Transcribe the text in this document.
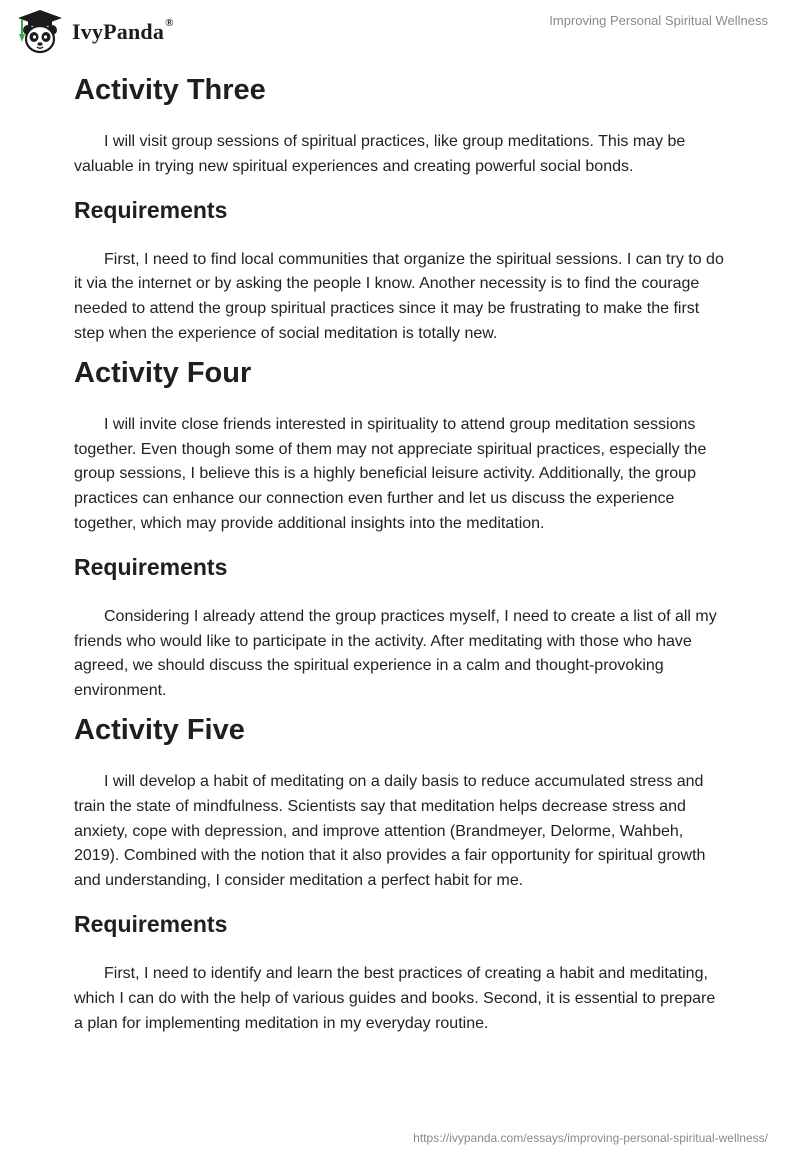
IvyPanda®	Improving Personal Spiritual Wellness
Activity Three

I will visit group sessions of spiritual practices, like group meditations. This may be valuable in trying new spiritual experiences and creating powerful social bonds.

Requirements

First, I need to find local communities that organize the spiritual sessions. I can try to do it via the internet or by asking the people I know. Another necessity is to find the courage needed to attend the group spiritual practices since it may be frustrating to make the first step when the experience of social meditation is totally new.

Activity Four

I will invite close friends interested in spirituality to attend group meditation sessions together. Even though some of them may not appreciate spiritual practices, especially the group sessions, I believe this is a highly beneficial leisure activity. Additionally, the group practices can enhance our connection even further and let us discuss the experience together, which may provide additional insights into the meditation.

Requirements

Considering I already attend the group practices myself, I need to create a list of all my friends who would like to participate in the activity. After meditating with those who have agreed, we should discuss the spiritual experience in a calm and thought-provoking environment.

Activity Five

I will develop a habit of meditating on a daily basis to reduce accumulated stress and train the state of mindfulness. Scientists say that meditation helps decrease stress and anxiety, cope with depression, and improve attention (Brandmeyer, Delorme, Wahbeh, 2019). Combined with the notion that it also provides a fair opportunity for spiritual growth and understanding, I consider meditation a perfect habit for me.

Requirements

First, I need to identify and learn the best practices of creating a habit and meditating, which I can do with the help of various guides and books. Second, it is essential to prepare a plan for implementing meditation in my everyday routine.

https://ivypanda.com/essays/improving-personal-spiritual-wellness/
